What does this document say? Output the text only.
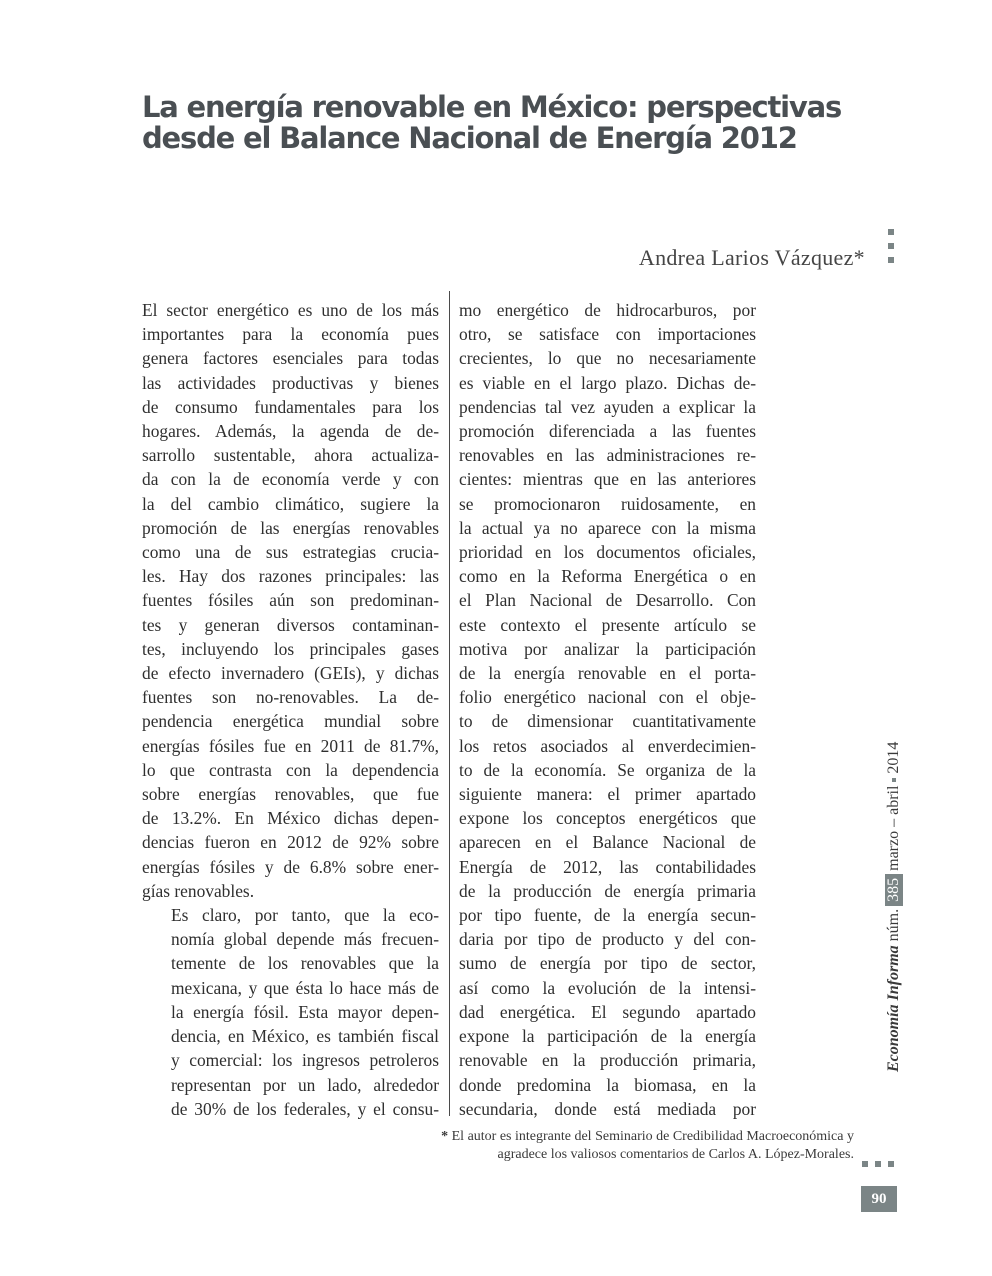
La energía renovable en México: perspectivas
desde el Balance Nacional de Energía 2012
Andrea Larios Vázquez*

El sector energético es uno de los más
importantes para la economía pues
genera factores esenciales para todas
las actividades productivas y bienes
de consumo fundamentales para los
hogares. Además, la agenda de de-
sarrollo sustentable, ahora actualiza-
da con la de economía verde y con
la del cambio climático, sugiere la
promoción de las energías renovables
como una de sus estrategias crucia-
les. Hay dos razones principales: las
fuentes fósiles aún son predominan-
tes y generan diversos contaminan-
tes, incluyendo los principales gases
de efecto invernadero (GEIs), y dichas
fuentes son no-renovables. La de-
pendencia energética mundial sobre
energías fósiles fue en 2011 de 81.7%,
lo que contrasta con la dependencia
sobre energías renovables, que fue
de 13.2%. En México dichas depen-
dencias fueron en 2012 de 92% sobre
energías fósiles y de 6.8% sobre ener-
gías renovables.

Es claro, por tanto, que la eco-
nomía global depende más frecuen-
temente de los renovables que la
mexicana, y que ésta lo hace más de
la energía fósil. Esta mayor depen-
dencia, en México, es también fiscal
y comercial: los ingresos petroleros
representan por un lado, alrededor
de 30% de los federales, y el consu-

mo energético de hidrocarburos, por
otro, se satisface con importaciones
crecientes, lo que no necesariamente
es viable en el largo plazo. Dichas de-
pendencias tal vez ayuden a explicar la
promoción diferenciada a las fuentes
renovables en las administraciones re-
cientes: mientras que en las anteriores
se promocionaron ruidosamente, en
la actual ya no aparece con la misma
prioridad en los documentos oficiales,
como en la Reforma Energética o en
el Plan Nacional de Desarrollo. Con
este contexto el presente artículo se
motiva por analizar la participación
de la energía renovable en el porta-
folio energético nacional con el obje-
to de dimensionar cuantitativamente
los retos asociados al enverdecimien-
to de la economía. Se organiza de la
siguiente manera: el primer apartado
expone los conceptos energéticos que
aparecen en el Balance Nacional de
Energía de 2012, las contabilidades
de la producción de energía primaria
por tipo fuente, de la energía secun-
daria por tipo de producto y del con-
sumo de energía por tipo de sector,
así como la evolución de la intensi-
dad energética. El segundo apartado
expone la participación de la energía
renovable en la producción primaria,
donde predomina la biomasa, en la
secundaria, donde está mediada por

Economía Informa núm.385marzo – abril2014
* El autor es integrante del Seminario de Credibilidad Macroeconómica y
agradece los valiosos comentarios de Carlos A. López-Morales.
90
